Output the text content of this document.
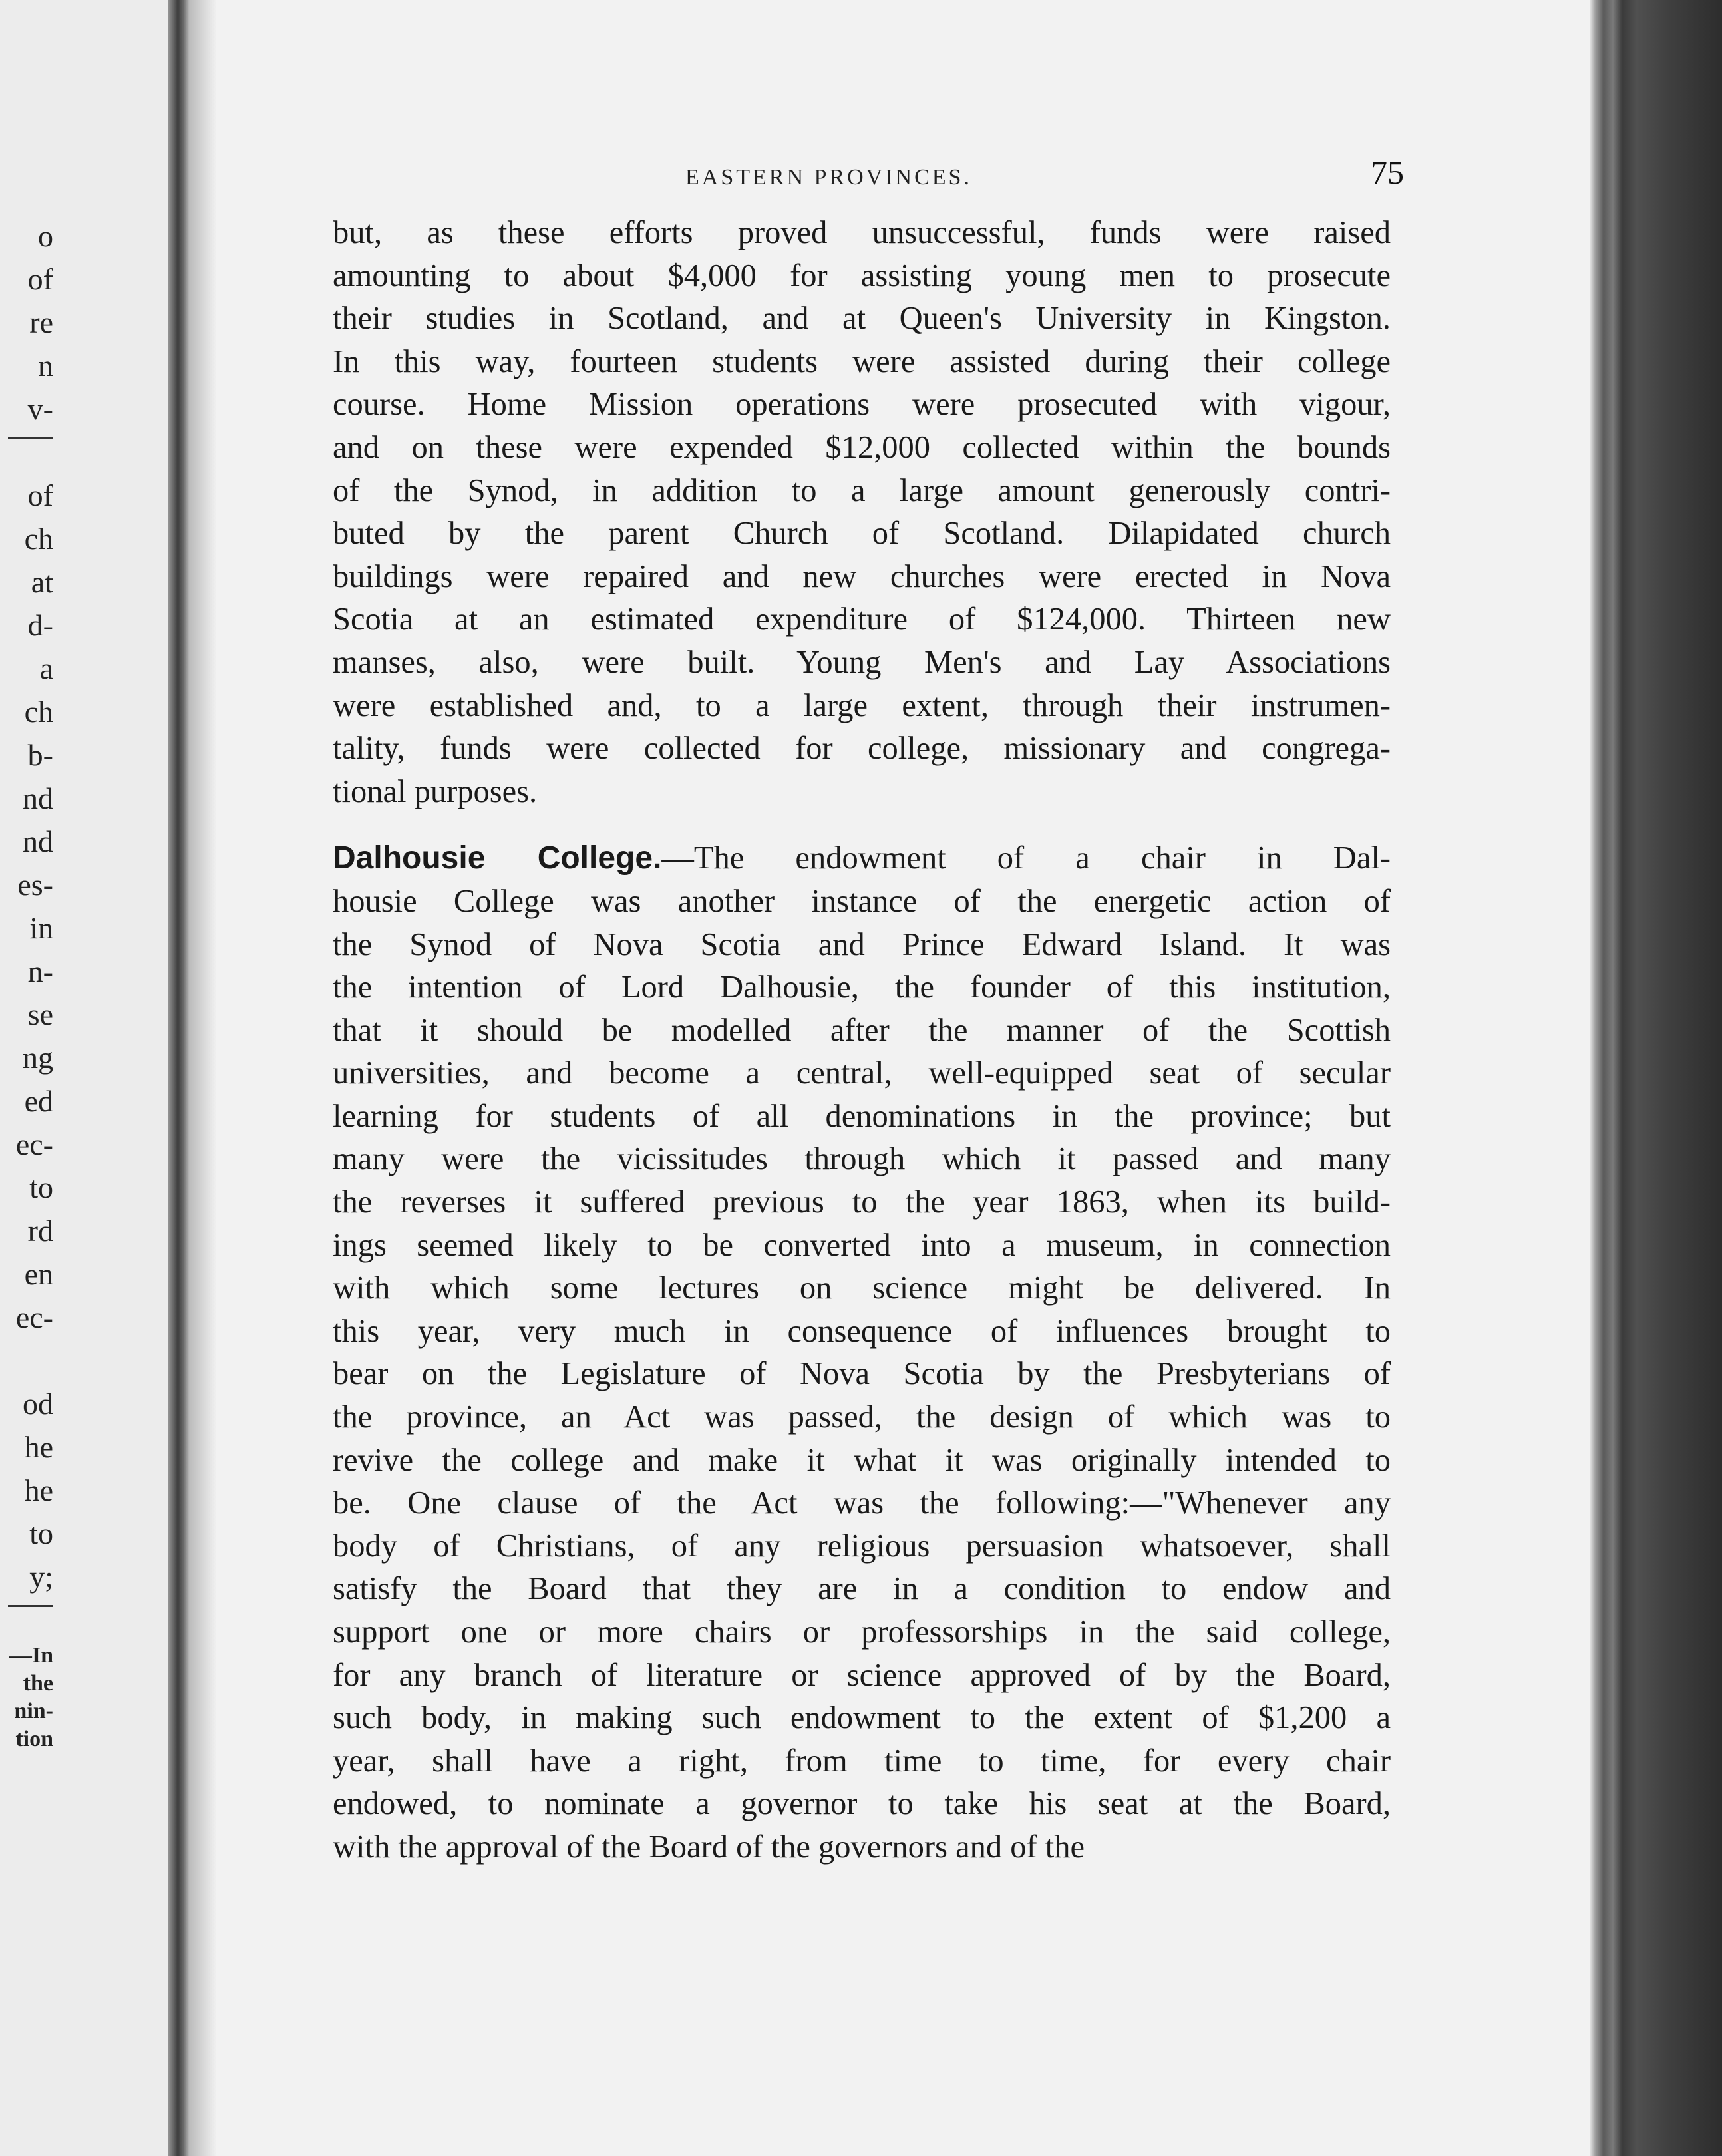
o
of
re
n
v-
of
ch
at
d-
a
ch
b-
nd
nd
es-
in
n-
se
ng
ed
ec-
to
rd
en
ec-
od
he
he
to
y;
—In
the
nin-
tion
EASTERN PROVINCES.	75

but, as these efforts proved unsuccessful, funds were raised
amounting to about $4,000 for assisting young men to prosecute
their studies in Scotland, and at Queen's University in Kingston.
In this way, fourteen students were assisted during their college
course. Home Mission operations were prosecuted with vigour,
and on these were expended $12,000 collected within the bounds
of the Synod, in addition to a large amount generously contri-
buted by the parent Church of Scotland. Dilapidated church
buildings were repaired and new churches were erected in Nova
Scotia at an estimated expenditure of $124,000. Thirteen new
manses, also, were built. Young Men's and Lay Associations
were established and, to a large extent, through their instrumen-
tality, funds were collected for college, missionary and congrega-
tional purposes.

Dalhousie College.—The endowment of a chair in Dal-
housie College was another instance of the energetic action of
the Synod of Nova Scotia and Prince Edward Island. It was
the intention of Lord Dalhousie, the founder of this institution,
that it should be modelled after the manner of the Scottish
universities, and become a central, well-equipped seat of secular
learning for students of all denominations in the province; but
many were the vicissitudes through which it passed and many
the reverses it suffered previous to the year 1863, when its build-
ings seemed likely to be converted into a museum, in connection
with which some lectures on science might be delivered. In
this year, very much in consequence of influences brought to
bear on the Legislature of Nova Scotia by the Presbyterians of
the province, an Act was passed, the design of which was to
revive the college and make it what it was originally intended to
be. One clause of the Act was the following:—"Whenever any
body of Christians, of any religious persuasion whatsoever, shall
satisfy the Board that they are in a condition to endow and
support one or more chairs or professorships in the said college,
for any branch of literature or science approved of by the Board,
such body, in making such endowment to the extent of $1,200 a
year, shall have a right, from time to time, for every chair
endowed, to nominate a governor to take his seat at the Board,
with the approval of the Board of the governors and of the
